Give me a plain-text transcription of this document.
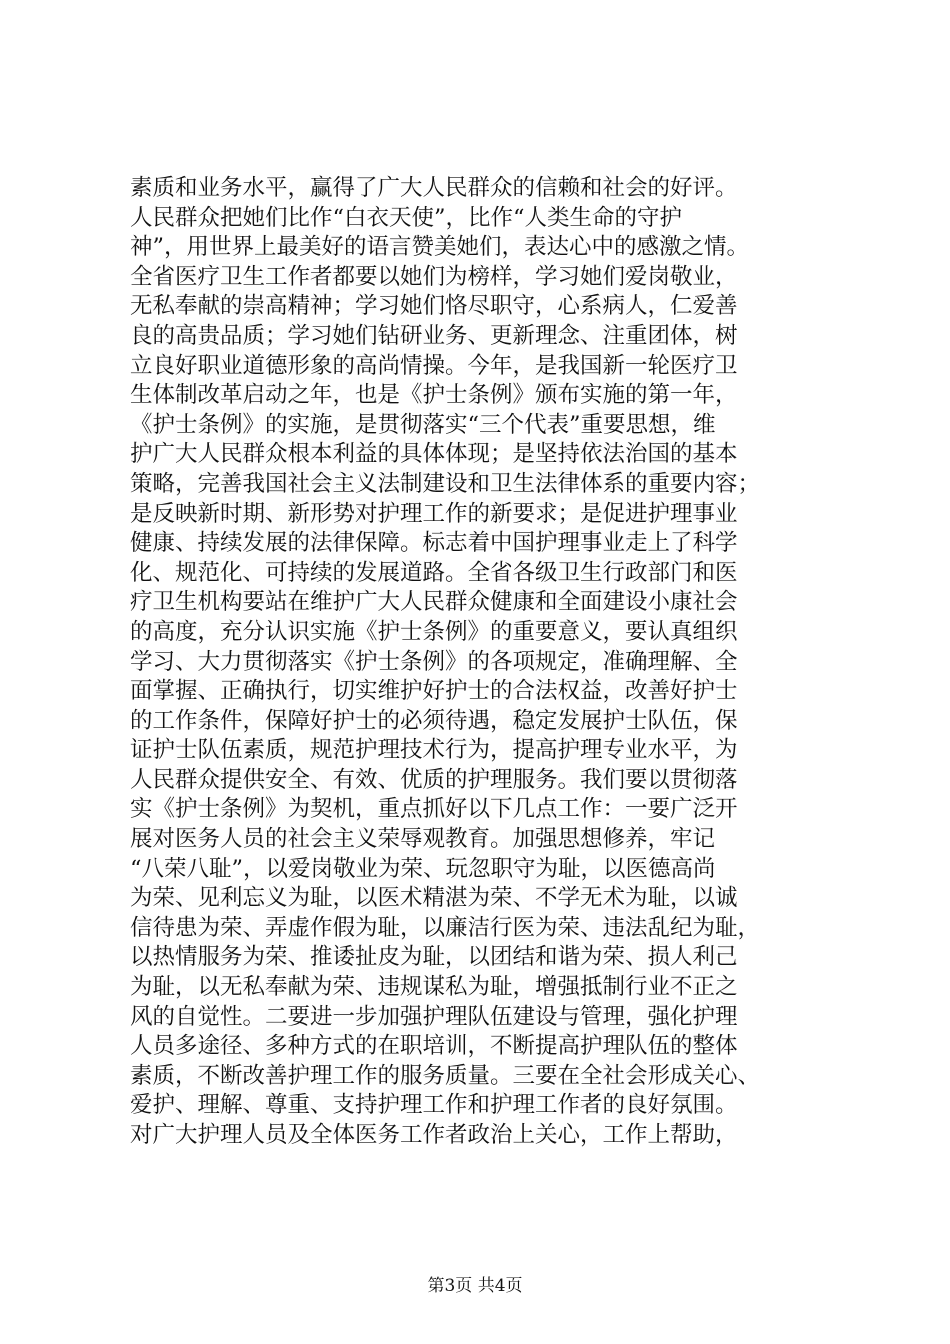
素质和业务水平，赢得了广大人民群众的信赖和社会的好评。
人民群众把她们比作“白衣天使”，比作“人类生命的守护
神”，用世界上最美好的语言赞美她们，表达心中的感激之情。
全省医疗卫生工作者都要以她们为榜样，学习她们爱岗敬业，
无私奉献的崇高精神；学习她们恪尽职守，心系病人，仁爱善
良的高贵品质；学习她们钻研业务、更新理念、注重团体，树
立良好职业道德形象的高尚情操。今年，是我国新一轮医疗卫
生体制改革启动之年，也是《护士条例》颁布实施的第一年，
《护士条例》的实施，是贯彻落实“三个代表”重要思想，维
护广大人民群众根本利益的具体体现；是坚持依法治国的基本
策略，完善我国社会主义法制建设和卫生法律体系的重要内容；
是反映新时期、新形势对护理工作的新要求；是促进护理事业
健康、持续发展的法律保障。标志着中国护理事业走上了科学
化、规范化、可持续的发展道路。全省各级卫生行政部门和医
疗卫生机构要站在维护广大人民群众健康和全面建设小康社会
的高度，充分认识实施《护士条例》的重要意义，要认真组织
学习、大力贯彻落实《护士条例》的各项规定，准确理解、全
面掌握、正确执行，切实维护好护士的合法权益，改善好护士
的工作条件，保障好护士的必须待遇，稳定发展护士队伍，保
证护士队伍素质，规范护理技术行为，提高护理专业水平，为
人民群众提供安全、有效、优质的护理服务。我们要以贯彻落
实《护士条例》为契机，重点抓好以下几点工作：一要广泛开
展对医务人员的社会主义荣辱观教育。加强思想修养，牢记
“八荣八耻”，以爱岗敬业为荣、玩忽职守为耻，以医德高尚
为荣、见利忘义为耻，以医术精湛为荣、不学无术为耻，以诚
信待患为荣、弄虚作假为耻，以廉洁行医为荣、违法乱纪为耻，
以热情服务为荣、推诿扯皮为耻，以团结和谐为荣、损人利己
为耻，以无私奉献为荣、违规谋私为耻，增强抵制行业不正之
风的自觉性。二要进一步加强护理队伍建设与管理，强化护理
人员多途径、多种方式的在职培训，不断提高护理队伍的整体
素质，不断改善护理工作的服务质量。三要在全社会形成关心、
爱护、理解、尊重、支持护理工作和护理工作者的良好氛围。
对广大护理人员及全体医务工作者政治上关心，工作上帮助，
第3页 共4页
